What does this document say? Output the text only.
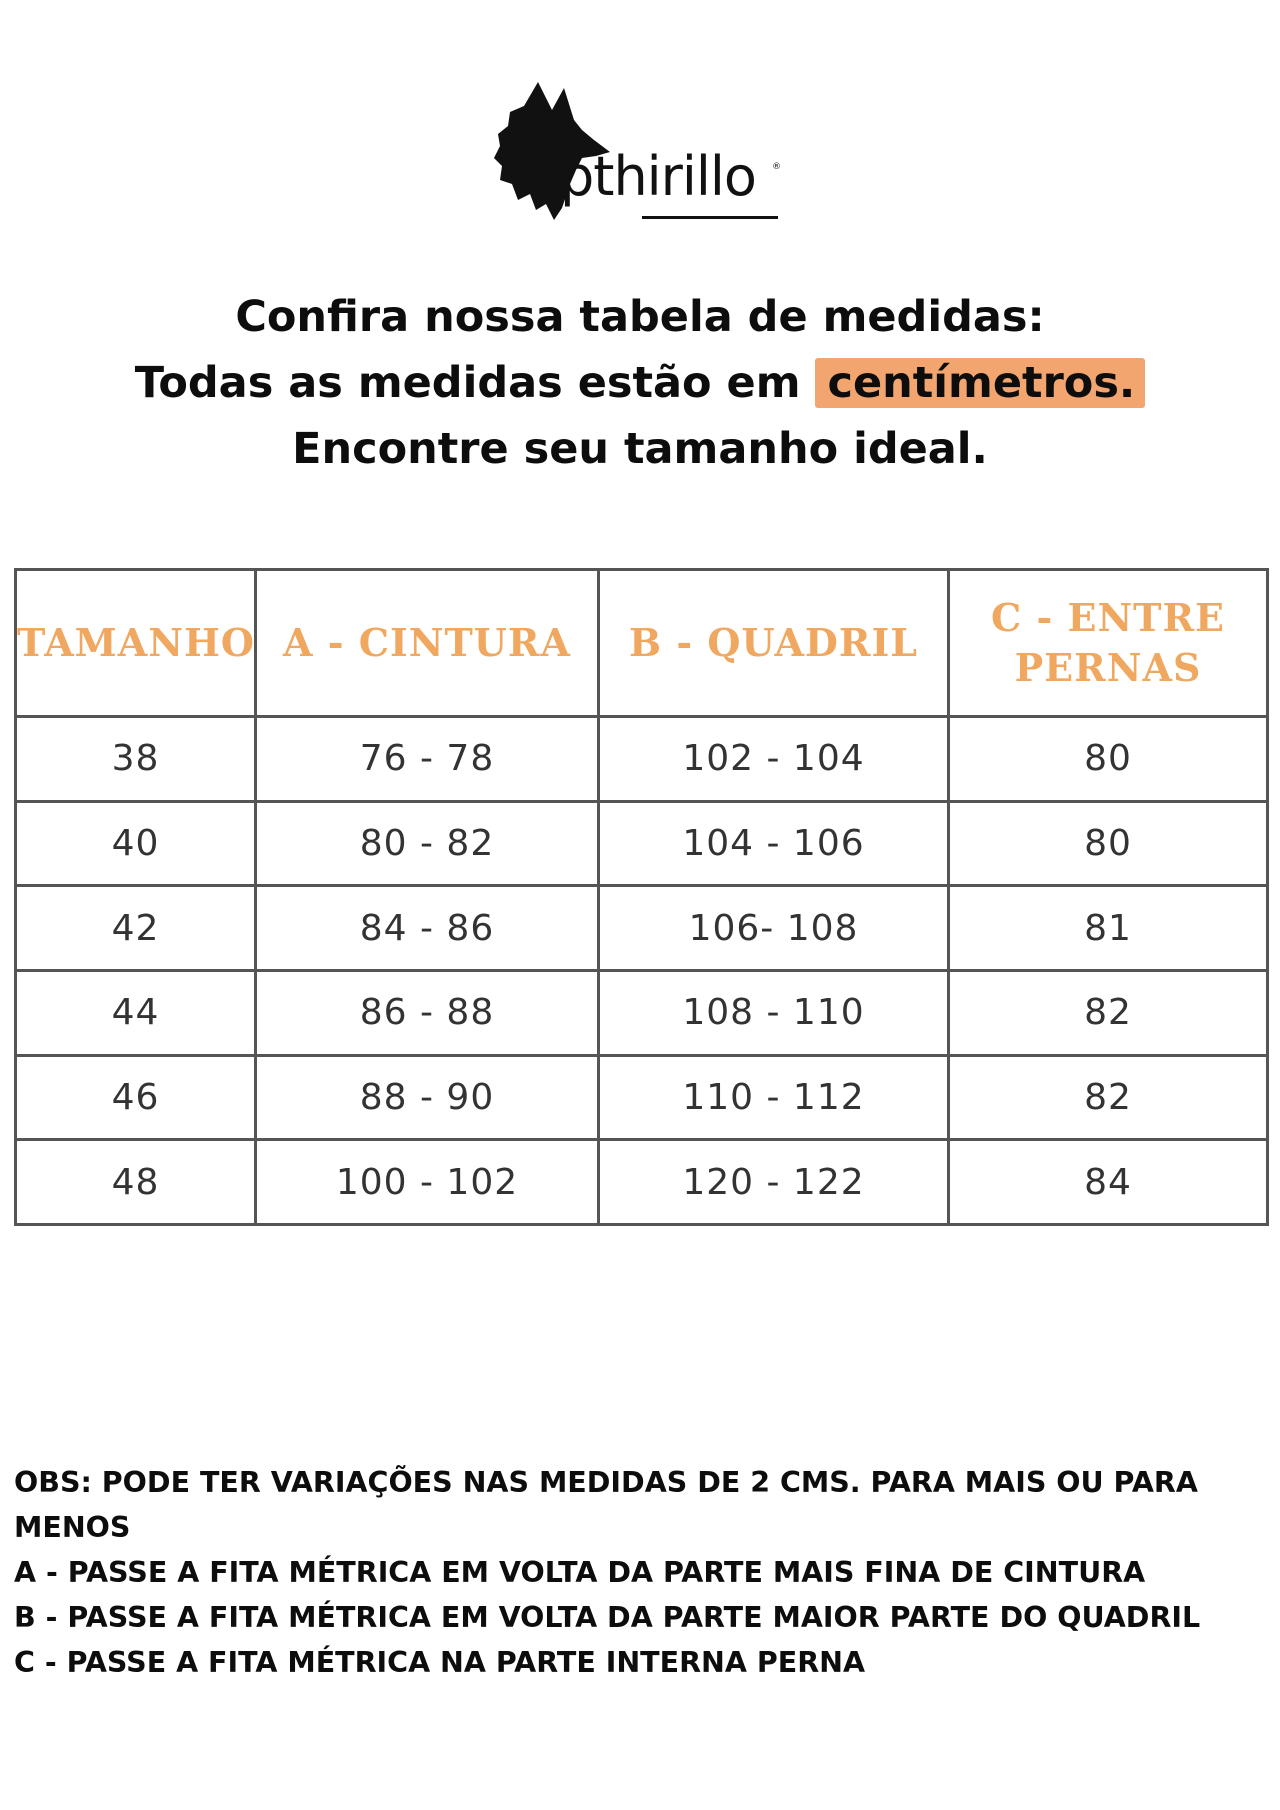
pthirillo ®
Confira nossa tabela de medidas:
Todas as medidas estão em centímetros.
Encontre seu tamanho ideal.
TAMANHO	A - CINTURA	B - QUADRIL	C - ENTRE PERNAS
38	76 - 78	102 - 104	80
40	80 - 82	104 - 106	80
42	84 - 86	106- 108	81
44	86 - 88	108 - 110	82
46	88 - 90	110 - 112	82
48	100 - 102	120 - 122	84
OBS: PODE TER VARIAÇÕES NAS MEDIDAS DE 2 CMS. PARA MAIS OU PARA MENOS
A - PASSE A FITA MÉTRICA EM VOLTA DA PARTE MAIS FINA DE CINTURA
B - PASSE A FITA MÉTRICA EM VOLTA DA PARTE MAIOR PARTE DO QUADRIL
C - PASSE A FITA MÉTRICA NA PARTE INTERNA PERNA
